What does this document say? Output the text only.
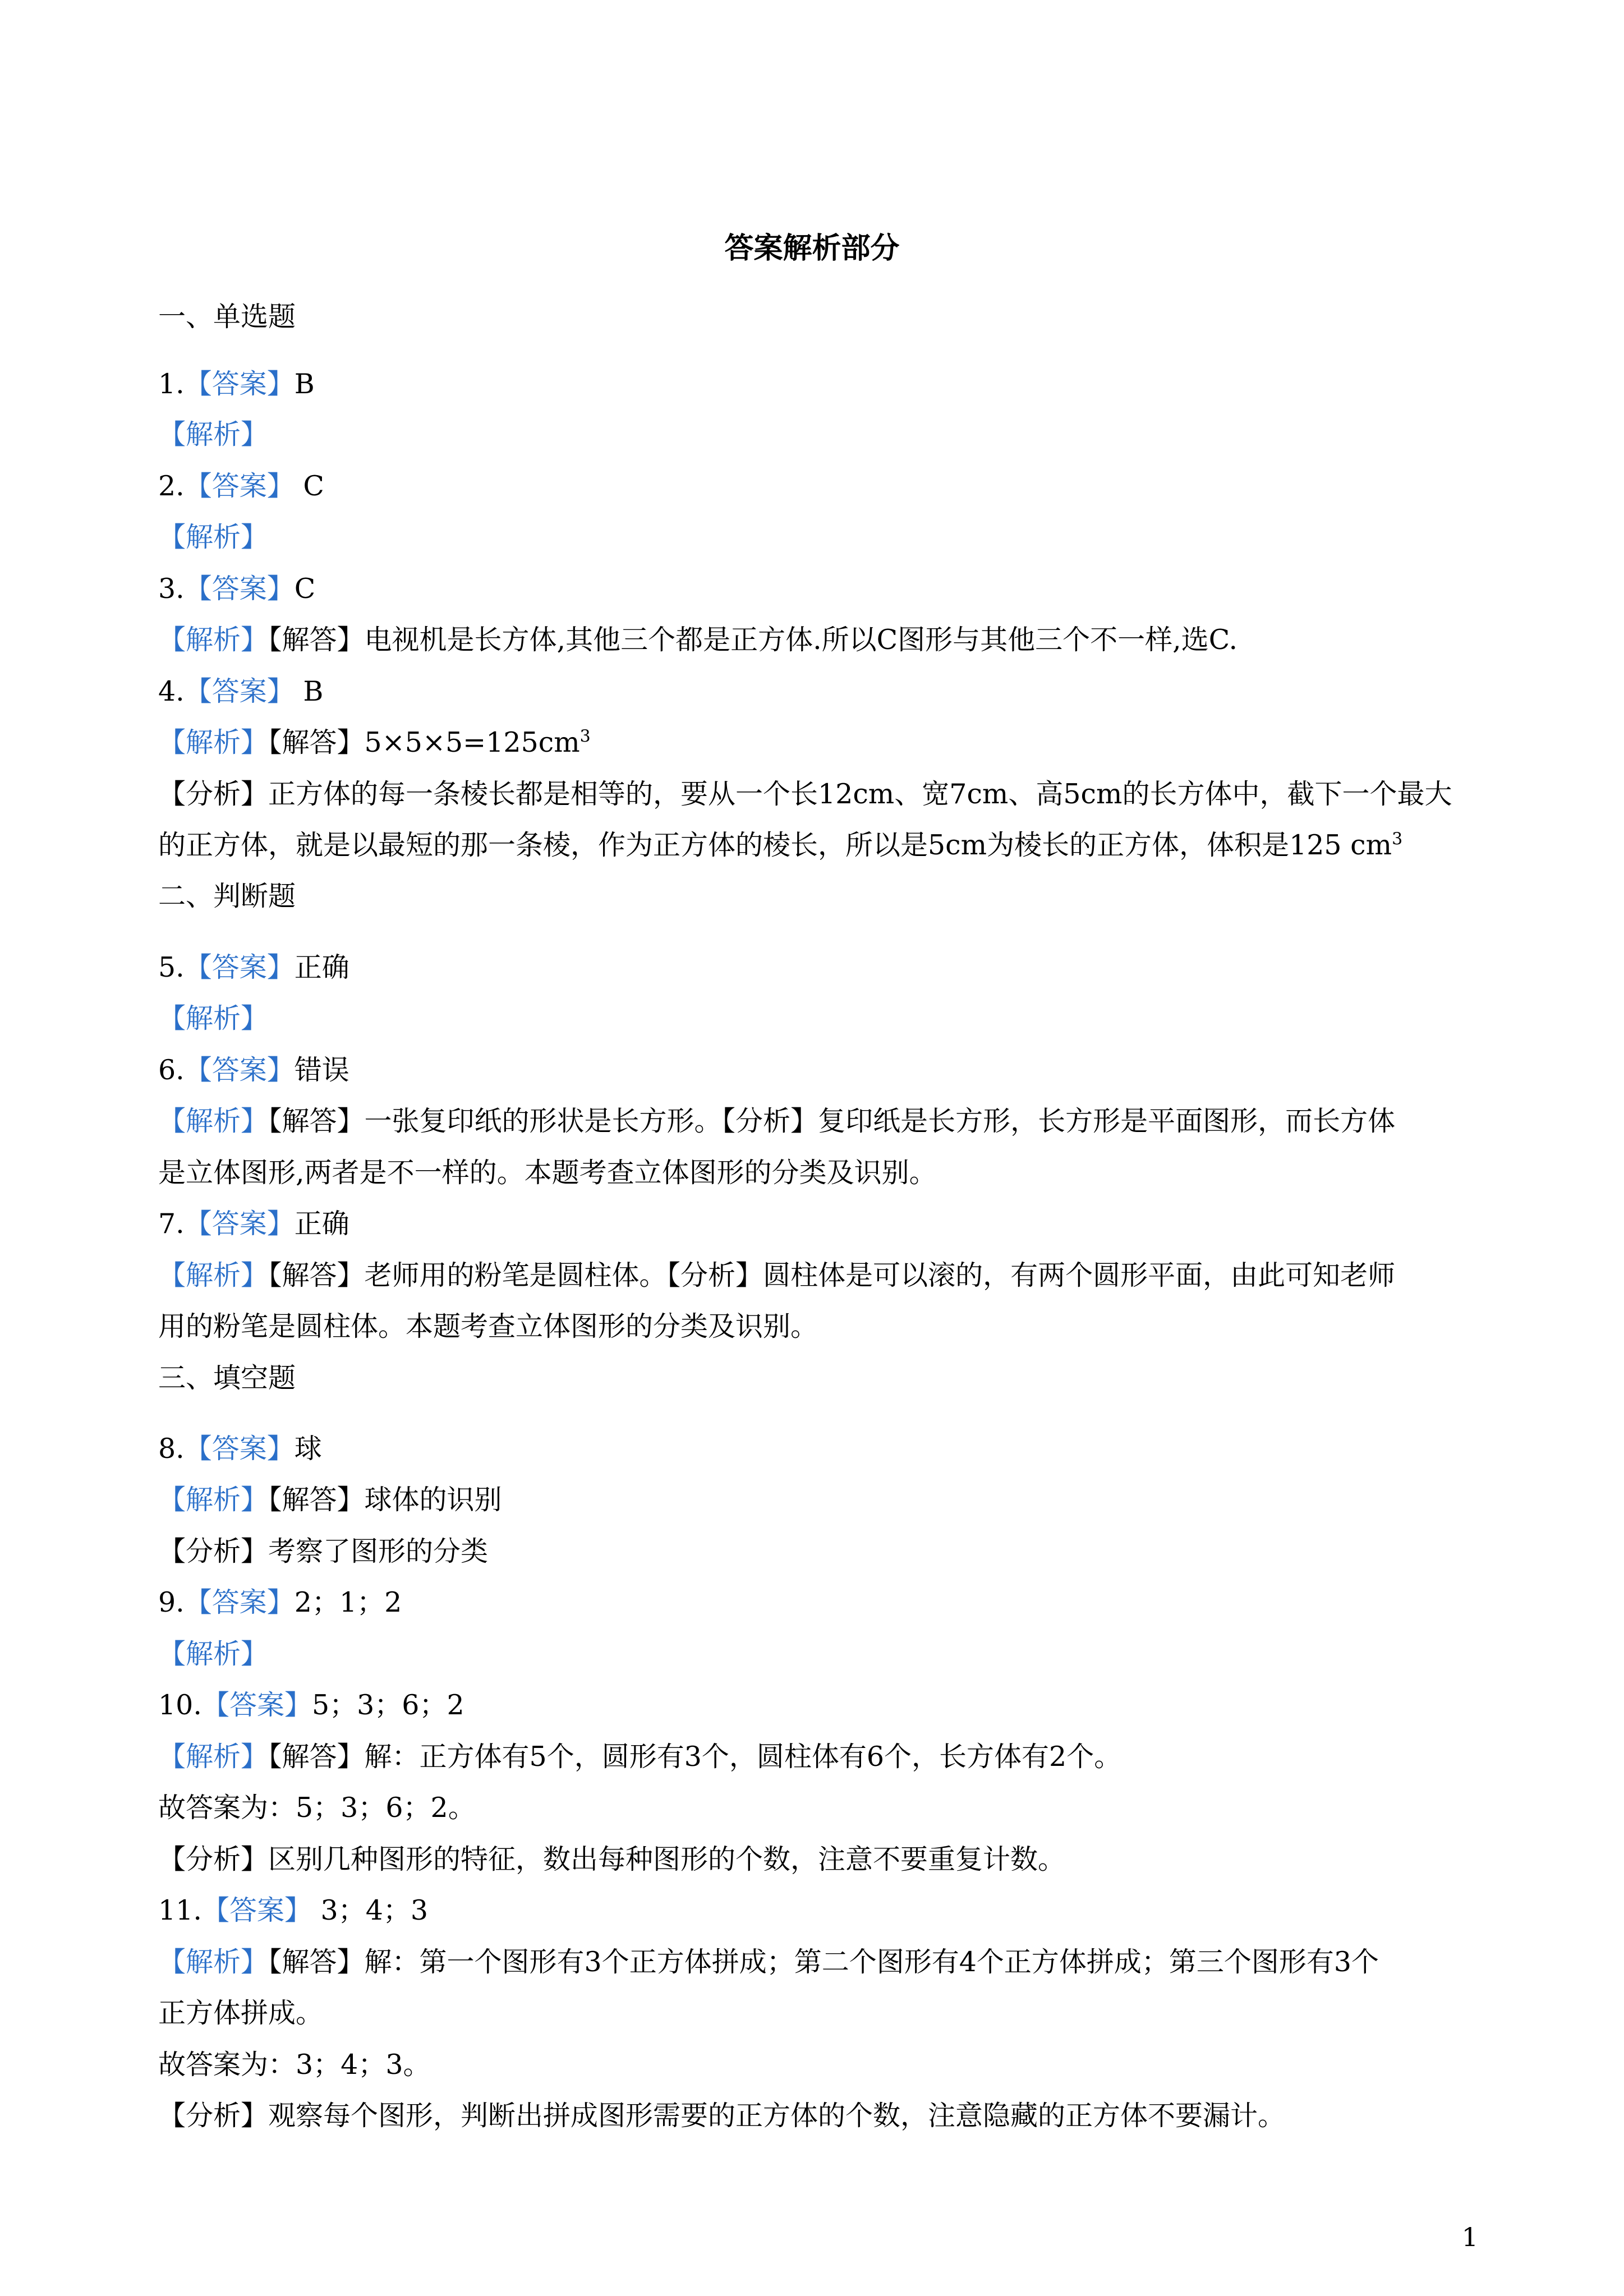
答案解析部分
一、单选题
1.【答案】B
【解析】
2.【答案】 C
【解析】
3.【答案】C
【解析】【解答】电视机是长方体,其他三个都是正方体.所以C图形与其他三个不一样,选C.
4.【答案】 B
【解析】【解答】$5\times 5\times 5=125cm^3$
【分析】正方体的每一条棱长都是相等的，要从一个长12cm、宽7cm、高5cm的长方体中，截下一个最大
的正方体，就是以最短的那一条棱，作为正方体的棱长，所以是5cm为棱长的正方体，体积是125 $cm^3$
二、判断题
5.【答案】正确
【解析】
6.【答案】错误
【解析】【解答】一张复印纸的形状是长方形。【分析】复印纸是长方形，长方形是平面图形，而长方体
是立体图形,两者是不一样的。本题考查立体图形的分类及识别。
7.【答案】正确
【解析】【解答】老师用的粉笔是圆柱体。【分析】圆柱体是可以滚的，有两个圆形平面，由此可知老师
用的粉笔是圆柱体。本题考查立体图形的分类及识别。
三、填空题
8.【答案】球
【解析】【解答】球体的识别
【分析】考察了图形的分类
9.【答案】2；1；2
【解析】
10.【答案】5；3；6；2
【解析】【解答】解：正方体有5个，圆形有3个，圆柱体有6个，长方体有2个。
故答案为：5；3；6；2。
【分析】区别几种图形的特征，数出每种图形的个数，注意不要重复计数。
11.【答案】 3；4；3
【解析】【解答】解：第一个图形有3个正方体拼成；第二个图形有4个正方体拼成；第三个图形有3个
正方体拼成。
故答案为：3；4；3。
【分析】观察每个图形，判断出拼成图形需要的正方体的个数，注意隐藏的正方体不要漏计。
1
